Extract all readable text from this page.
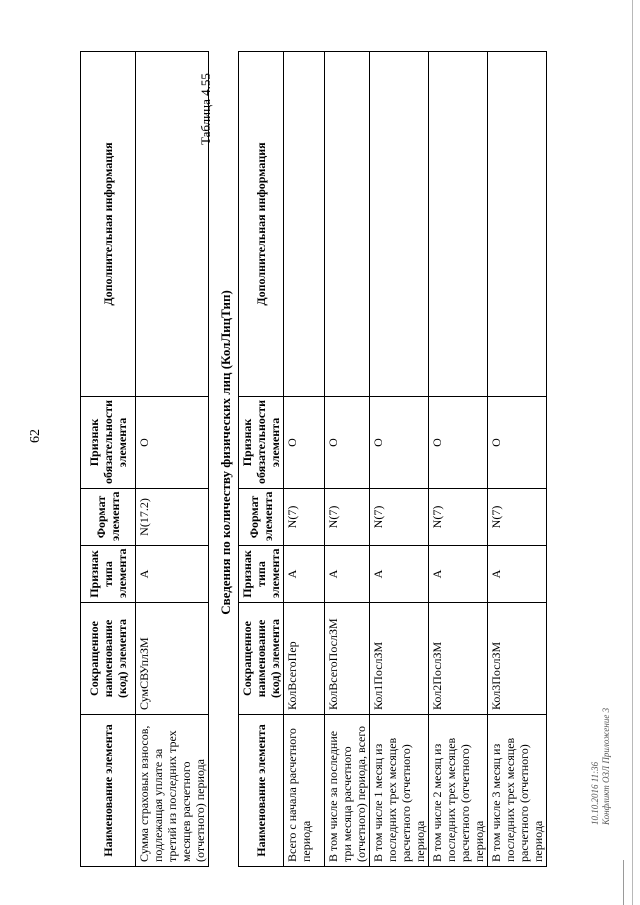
62
Наименование элемента	Сокращенное наименование (код) элемента	Признак типа элемента	Формат элемента	Признак обязательности элемента	Дополнительная информация
Сумма страховых взносов, подлежащая уплате за третий из последних трех месяцев расчетного (отчетного) периода	СумСВУплЗМ	А	N(17.2)	О	
Таблица 4.55
Сведения по количеству физических лиц (КолЛицТип)
Наименование элемента	Сокращенное наименование (код) элемента	Признак типа элемента	Формат элемента	Признак обязательности элемента	Дополнительная информация
Всего с начала расчетного периода	КолВсегоПер	А	N(7)	О	
В том числе за последние три месяца расчетного (отчетного) периода, всего	КолВсегоПослЗМ	А	N(7)	О	
В том числе 1 месяц из последних трех месяцев расчетного (отчетного) периода	Кол1ПослЗМ	А	N(7)	О	
В том числе 2 месяц из последних трех месяцев расчетного (отчетного) периода	Кол2ПослЗМ	А	N(7)	О	
В том числе 3 месяц из последних трех месяцев расчетного (отчетного) периода	Кол3ПослЗМ	А	N(7)	О	
10.10.2016 11:36 Конфликт ОЗЛ Приложение 3
